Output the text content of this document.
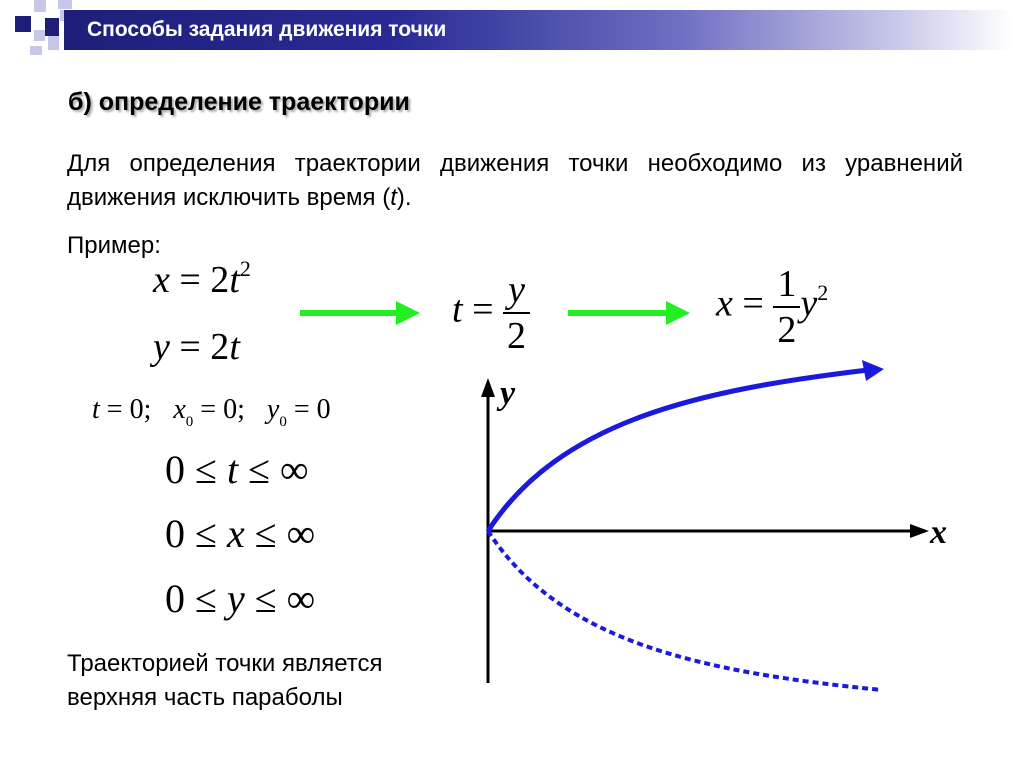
Способы задания движения точки
б) определение траектории
Для определения траектории движения точки необходимо из уравнений движения исключить время (t).
Пример:
$x = 2t^2$
y = 2t
$t = \frac{y}{2}$	$x = \frac{1}{2} y^2$
t = 0; $x_0 = 0$; $y_0 = 0$
0 ≤ t ≤ ∞
0 ≤ x ≤ ∞
0 ≤ y ≤ ∞
Траекторией точки является
верхняя часть параболы
y
x
